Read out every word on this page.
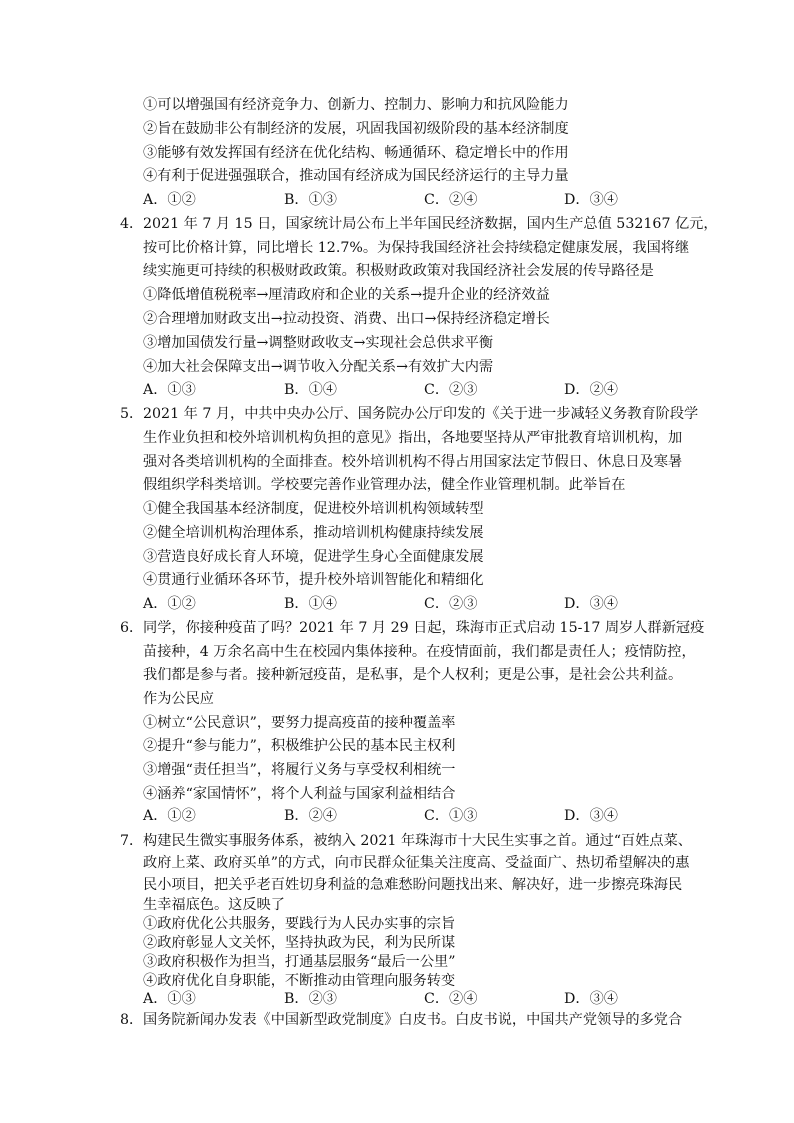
①可以增强国有经济竞争力、创新力、控制力、影响力和抗风险能力
②旨在鼓励非公有制经济的发展，巩固我国初级阶段的基本经济制度
③能够有效发挥国有经济在优化结构、畅通循环、稳定增长中的作用
④有利于促进强强联合，推动国有经济成为国民经济运行的主导力量
A．①②	B．①③	C．②④	D．③④
4． 2021 年 7 月 15 日，国家统计局公布上半年国民经济数据，国内生产总值 532167 亿元，
按可比价格计算，同比增长 12.7%。为保持我国经济社会持续稳定健康发展，我国将继
续实施更可持续的积极财政政策。积极财政政策对我国经济社会发展的传导路径是
①降低增值税税率→厘清政府和企业的关系→提升企业的经济效益
②合理增加财政支出→拉动投资、消费、出口→保持经济稳定增长
③增加国债发行量→调整财政收支→实现社会总供求平衡
④加大社会保障支出→调节收入分配关系→有效扩大内需
A．①③	B．①④	C．②③	D．②④
5． 2021 年 7 月，中共中央办公厅、国务院办公厅印发的《关于进一步减轻义务教育阶段学
生作业负担和校外培训机构负担的意见》指出，各地要坚持从严审批教育培训机构，加
强对各类培训机构的全面排查。校外培训机构不得占用国家法定节假日、休息日及寒暑
假组织学科类培训。学校要完善作业管理办法，健全作业管理机制。此举旨在
①健全我国基本经济制度，促进校外培训机构领域转型
②健全培训机构治理体系，推动培训机构健康持续发展
③营造良好成长育人环境，促进学生身心全面健康发展
④贯通行业循环各环节，提升校外培训智能化和精细化
A．①②	B．①④	C．②③	D．③④
6． 同学，你接种疫苗了吗？2021 年 7 月 29 日起，珠海市正式启动 15-17 周岁人群新冠疫
苗接种，4 万余名高中生在校园内集体接种。在疫情面前，我们都是责任人；疫情防控，
我们都是参与者。接种新冠疫苗，是私事，是个人权利；更是公事，是社会公共利益。
作为公民应
①树立“公民意识”，要努力提高疫苗的接种覆盖率
②提升“参与能力”，积极维护公民的基本民主权利
③增强“责任担当”，将履行义务与享受权利相统一
④涵养“家国情怀”，将个人利益与国家利益相结合
A．①②	B．②④	C．①③	D．③④
7． 构建民生微实事服务体系，被纳入 2021 年珠海市十大民生实事之首。通过“百姓点菜、
政府上菜、政府买单”的方式，向市民群众征集关注度高、受益面广、热切希望解决的惠
民小项目，把关乎老百姓切身利益的急难愁盼问题找出来、解决好，进一步擦亮珠海民
生幸福底色。这反映了
①政府优化公共服务，要践行为人民办实事的宗旨
②政府彰显人文关怀，坚持执政为民，利为民所谋
③政府积极作为担当，打通基层服务“最后一公里”
④政府优化自身职能，不断推动由管理向服务转变
A．①③	B．②③	C．②④	D．③④
8． 国务院新闻办发表《中国新型政党制度》白皮书。白皮书说，中国共产党领导的多党合
